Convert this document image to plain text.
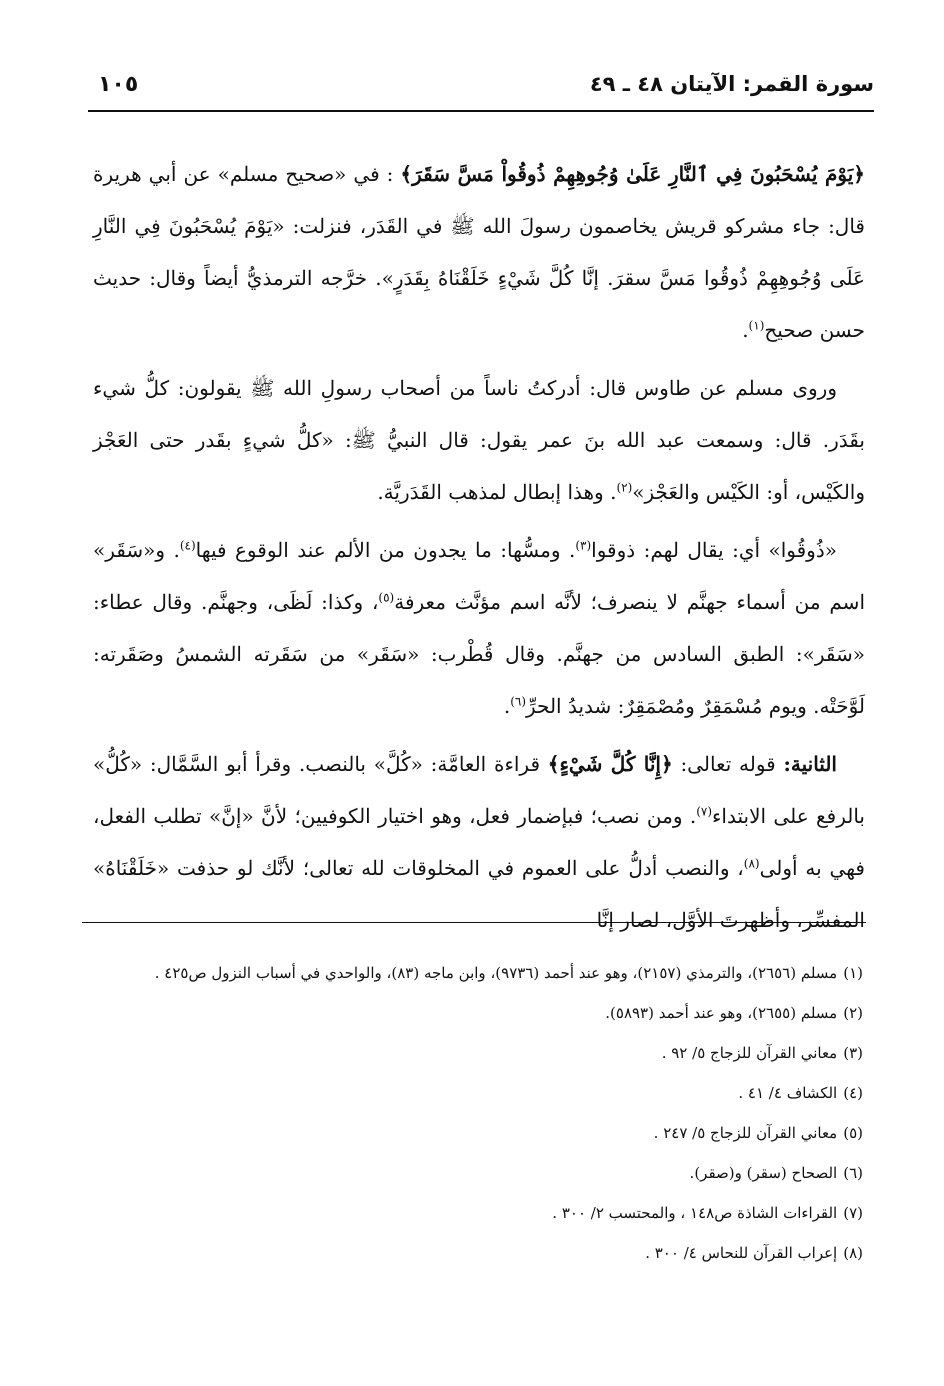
سورة القمر: الآيتان ٤٨ ـ ٤٩
١٠٥

﴿يَوْمَ يُسْحَبُونَ فِي ٱلنَّارِ عَلَىٰ وُجُوهِهِمْ ذُوقُواْ مَسَّ سَقَرَ﴾ : في «صحيح مسلم» عن أبي هريرة قال: جاء مشركو قريش يخاصمون رسولَ الله ﷺ في القَدَر، فنزلت: «يَوْمَ يُسْحَبُونَ فِي النَّارِ عَلَى وُجُوهِهِمْ ذُوقُوا مَسَّ سقرَ. إنَّا كُلَّ شَيْءٍ خَلَقْنَاهُ بِقَدَرٍ». خرَّجه الترمذيُّ أيضاً وقال: حديث حسن صحيح$^{(١)}$.

وروى مسلم عن طاوس قال: أدركتُ ناساً من أصحاب رسولِ الله ﷺ يقولون: كلُّ شيء بقَدَر. قال: وسمعت عبد الله بنَ عمر يقول: قال النبيُّ ﷺ: «كلُّ شيءٍ بقَدر حتى العَجْز والكَيْس، أو: الكَيْس والعَجْز»$^{(٢)}$. وهذا إبطال لمذهب القَدَريَّة.

«ذُوقُوا» أي: يقال لهم: ذوقوا$^{(٣)}$. ومسُّها: ما يجدون من الألم عند الوقوع فيها$^{(٤)}$. و«سَقَر» اسم من أسماء جهنَّم لا ينصرف؛ لأنَّه اسم مؤنَّث معرفة$^{(٥)}$، وكذا: لَظَى، وجهنَّم. وقال عطاء: «سَقَر»: الطبق السادس من جهنَّم. وقال قُطْرب: «سَقَر» من سَقَرته الشمسُ وصَقَرته: لَوَّحَتْه. ويوم مُسْمَقِرٌ ومُصْمَقِرٌ: شديدُ الحرِّ$^{(٦)}$.

الثانية: قوله تعالى: ﴿إِنَّا كُلَّ شَيْءٍ﴾ قراءة العامَّة: «كُلَّ» بالنصب. وقرأ أبو السَّمَّال: «كُلُّ» بالرفع على الابتداء$^{(٧)}$. ومن نصب؛ فبإضمار فعل، وهو اختيار الكوفيين؛ لأنَّ «إنَّ» تطلب الفعل، فهي به أولى$^{(٨)}$، والنصب أدلُّ على العموم في المخلوقات لله تعالى؛ لأنَّك لو حذفت «خَلَقْنَاهُ» المفسِّر، وأظهرتَ الأوَّل، لصار إنَّا

(١)مسلم (٢٦٥٦)، والترمذي (٢١٥٧)، وهو عند أحمد (٩٧٣٦)، وابن ماجه (٨٣)، والواحدي في أسباب النزول ص٤٢٥ .
(٢)مسلم (٢٦٥٥)، وهو عند أحمد (٥٨٩٣).
(٣)معاني القرآن للزجاج ٥/ ٩٢ .
(٤)الكشاف ٤/ ٤١ .
(٥)معاني القرآن للزجاج ٥/ ٢٤٧ .
(٦)الصحاح (سقر) و(صقر).
(٧)القراءات الشاذة ص١٤٨ ، والمحتسب ٢/ ٣٠٠ .
(٨)إعراب القرآن للنحاس ٤/ ٣٠٠ .
